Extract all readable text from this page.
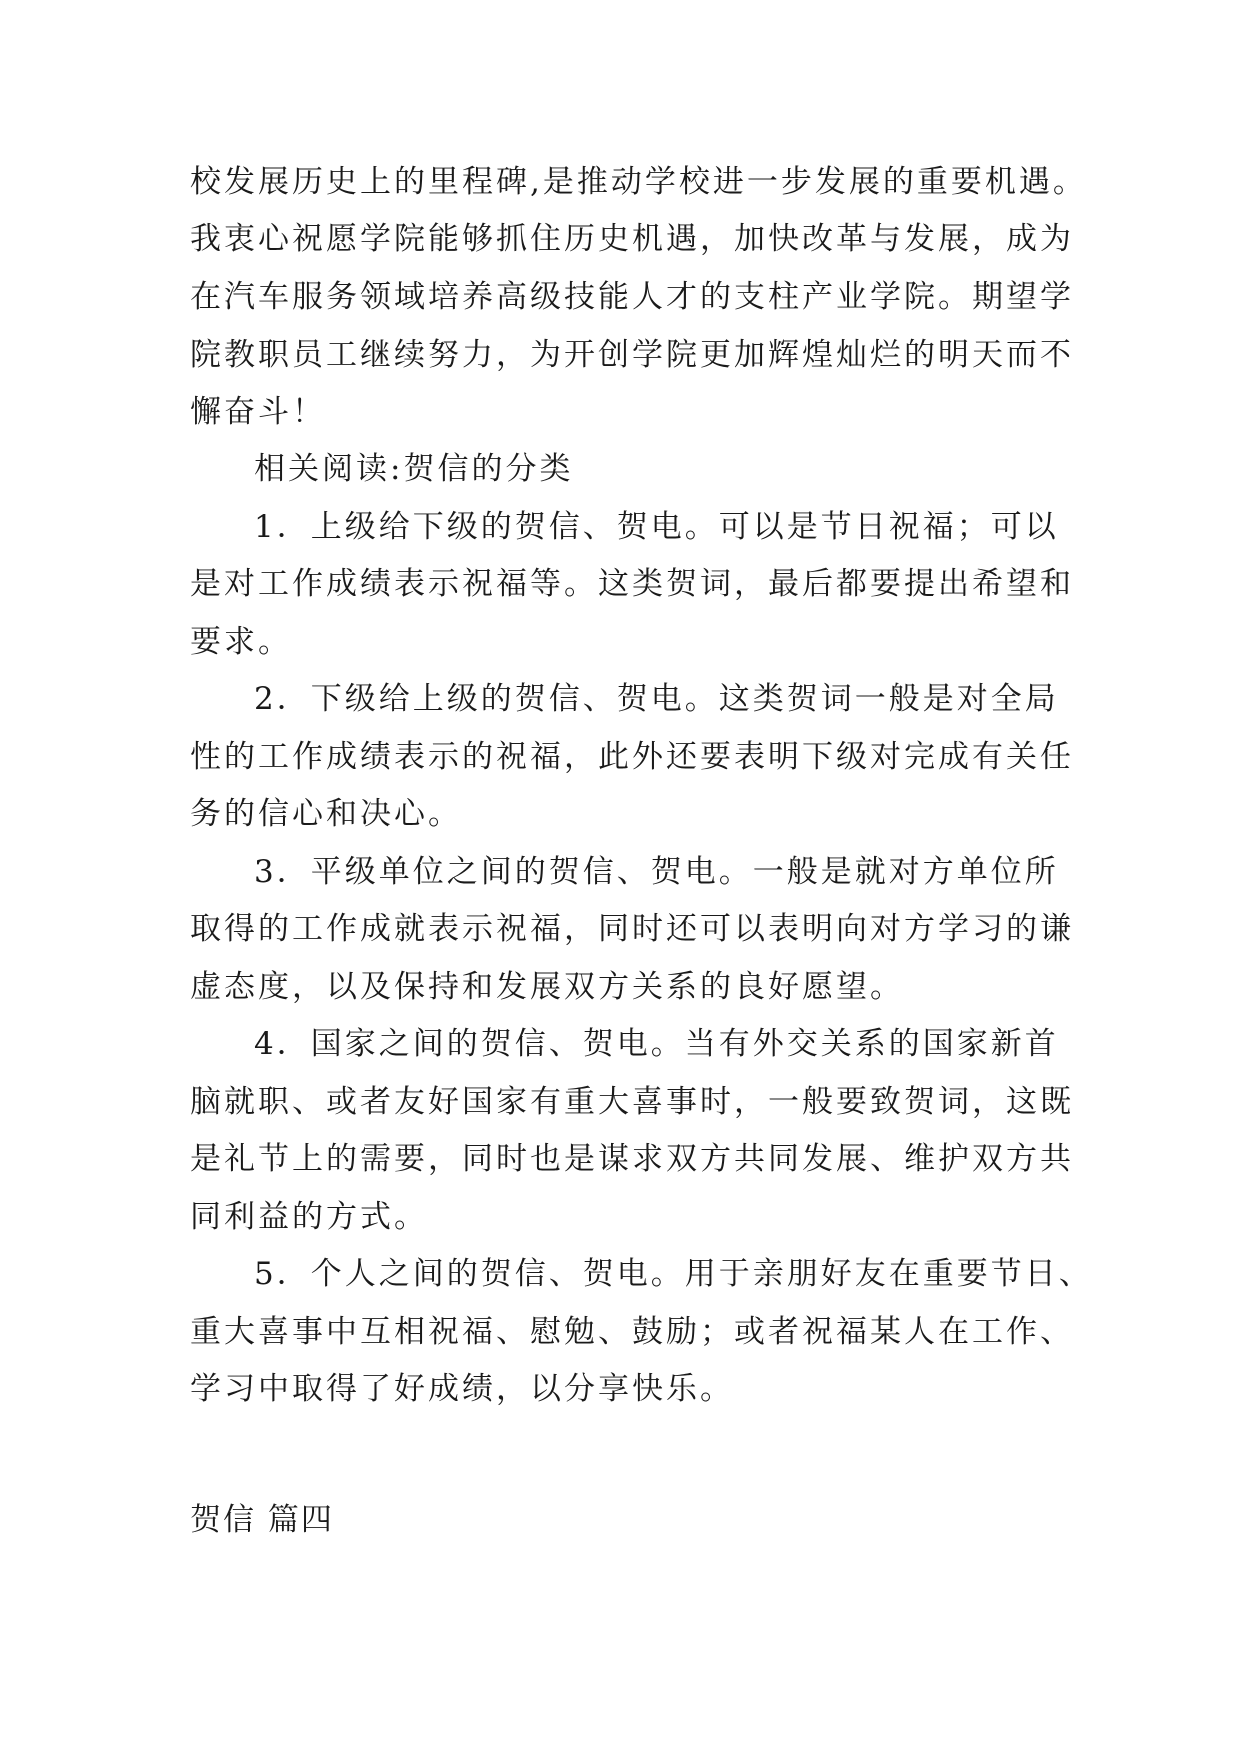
校发展历史上的里程碑,是推动学校进一步发展的重要机遇。
我衷心祝愿学院能够抓住历史机遇，加快改革与发展，成为
在汽车服务领域培养高级技能人才的支柱产业学院。期望学
院教职员工继续努力，为开创学院更加辉煌灿烂的明天而不
懈奋斗！
相关阅读:贺信的分类
1．上级给下级的贺信、贺电。可以是节日祝福；可以
是对工作成绩表示祝福等。这类贺词，最后都要提出希望和
要求。
2．下级给上级的贺信、贺电。这类贺词一般是对全局
性的工作成绩表示的祝福，此外还要表明下级对完成有关任
务的信心和决心。
3．平级单位之间的贺信、贺电。一般是就对方单位所
取得的工作成就表示祝福，同时还可以表明向对方学习的谦
虚态度，以及保持和发展双方关系的良好愿望。
4．国家之间的贺信、贺电。当有外交关系的国家新首
脑就职、或者友好国家有重大喜事时，一般要致贺词，这既
是礼节上的需要，同时也是谋求双方共同发展、维护双方共
同利益的方式。
5．个人之间的贺信、贺电。用于亲朋好友在重要节日、
重大喜事中互相祝福、慰勉、鼓励；或者祝福某人在工作、
学习中取得了好成绩，以分享快乐。
贺信 篇四
